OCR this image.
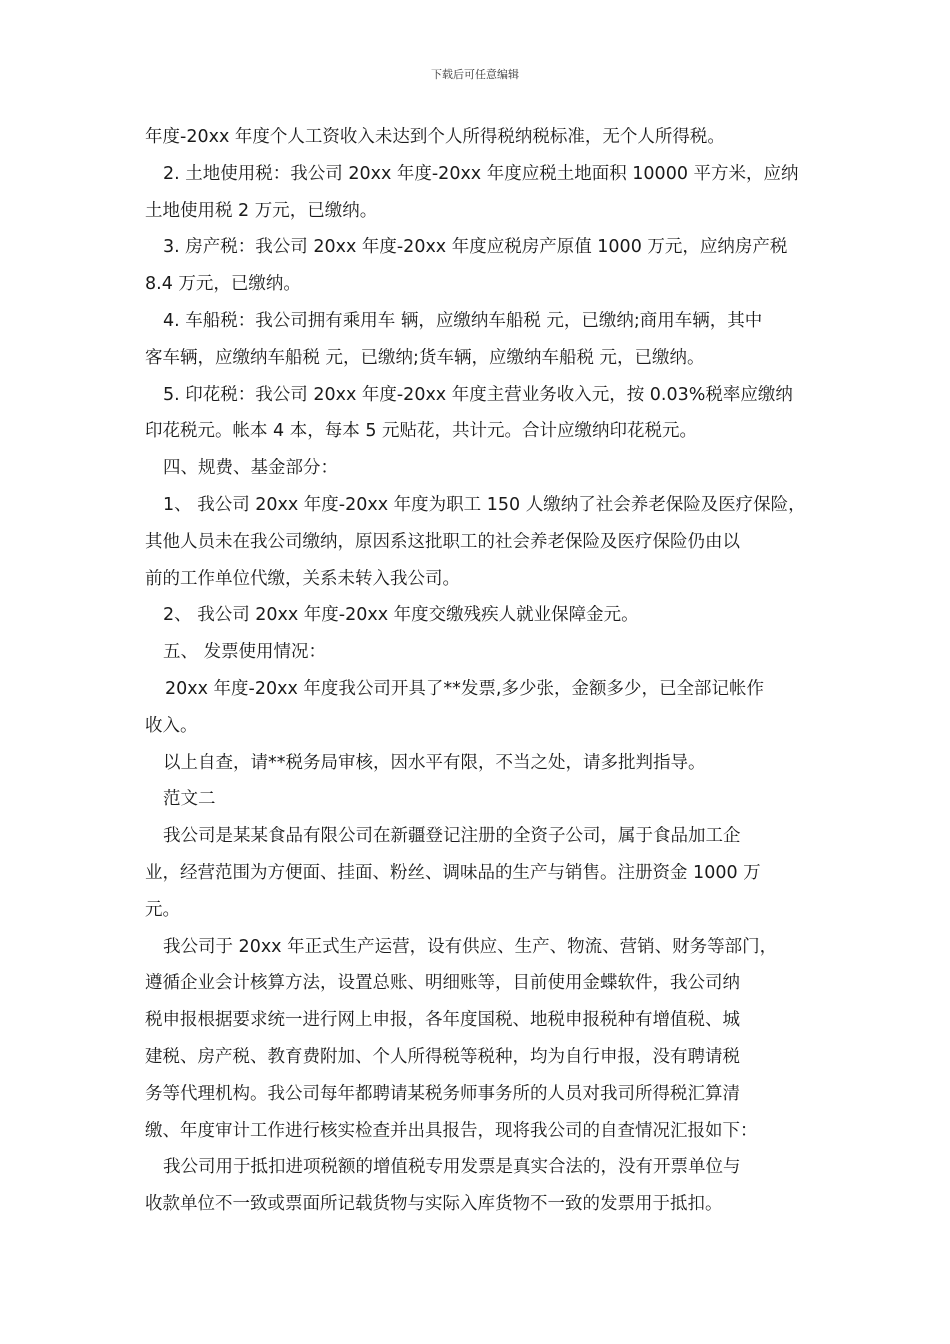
下载后可任意编辑
年度-20xx 年度个人工资收入未达到个人所得税纳税标准，无个人所得税。
2. 土地使用税：我公司 20xx 年度-20xx 年度应税土地面积 10000 平方米，应纳
土地使用税 2 万元，已缴纳。
3. 房产税：我公司 20xx 年度-20xx 年度应税房产原值 1000 万元，应纳房产税
8.4 万元，已缴纳。
4. 车船税：我公司拥有乘用车 辆，应缴纳车船税 元，已缴纳;商用车辆，其中
客车辆，应缴纳车船税 元，已缴纳;货车辆，应缴纳车船税 元，已缴纳。
5. 印花税：我公司 20xx 年度-20xx 年度主营业务收入元，按 0.03%税率应缴纳
印花税元。帐本 4 本，每本 5 元贴花，共计元。合计应缴纳印花税元。
四、规费、基金部分：
1、 我公司 20xx 年度-20xx 年度为职工 150 人缴纳了社会养老保险及医疗保险，
其他人员未在我公司缴纳，原因系这批职工的社会养老保险及医疗保险仍由以
前的工作单位代缴，关系未转入我公司。
2、 我公司 20xx 年度-20xx 年度交缴残疾人就业保障金元。
五、 发票使用情况：
20xx 年度-20xx 年度我公司开具了**发票,多少张，金额多少，已全部记帐作
收入。
以上自查，请**税务局审核，因水平有限，不当之处，请多批判指导。
范文二
我公司是某某食品有限公司在新疆登记注册的全资子公司，属于食品加工企
业，经营范围为方便面、挂面、粉丝、调味品的生产与销售。注册资金 1000 万
元。
我公司于 20xx 年正式生产运营，设有供应、生产、物流、营销、财务等部门，
遵循企业会计核算方法，设置总账、明细账等，目前使用金蝶软件，我公司纳
税申报根据要求统一进行网上申报，各年度国税、地税申报税种有增值税、城
建税、房产税、教育费附加、个人所得税等税种，均为自行申报，没有聘请税
务等代理机构。我公司每年都聘请某税务师事务所的人员对我司所得税汇算清
缴、年度审计工作进行核实检查并出具报告，现将我公司的自查情况汇报如下：
我公司用于抵扣进项税额的增值税专用发票是真实合法的，没有开票单位与
收款单位不一致或票面所记载货物与实际入库货物不一致的发票用于抵扣。
